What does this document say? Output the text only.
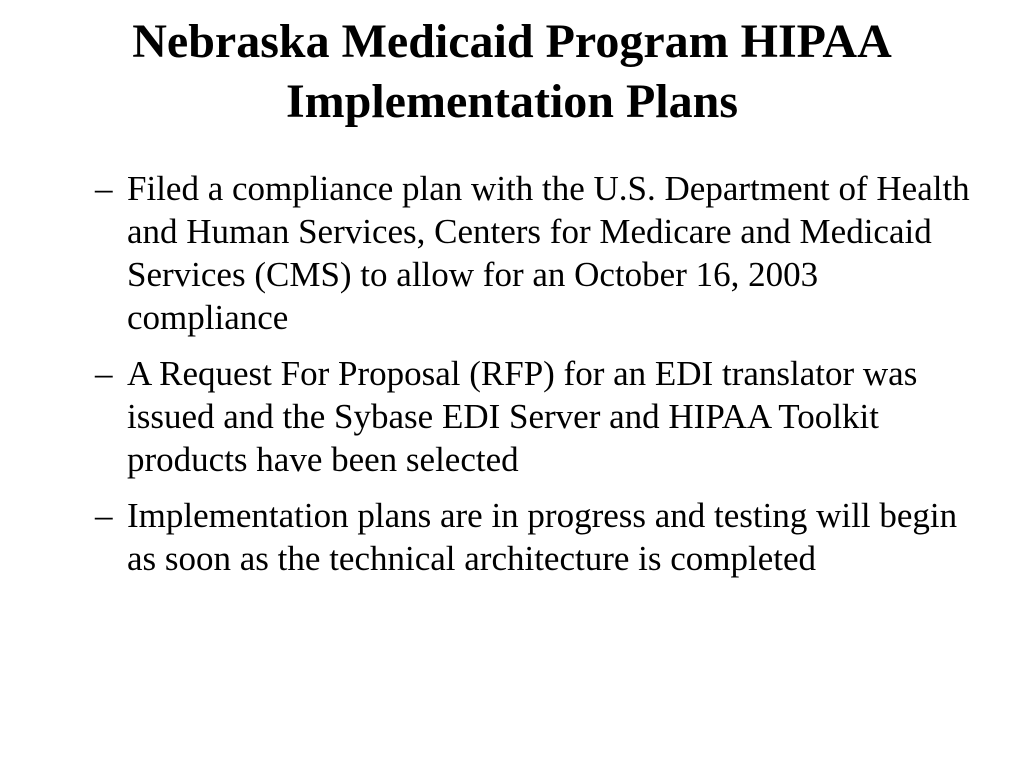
Nebraska Medicaid Program HIPAA Implementation Plans
– Filed a compliance plan with the U.S. Department of Health and Human Services, Centers for Medicare and Medicaid Services (CMS) to allow for an October 16, 2003 compliance
– A Request For Proposal (RFP) for an EDI translator was issued and the Sybase EDI Server and HIPAA Toolkit products have been selected
– Implementation plans are in progress and testing will begin as soon as the technical architecture is completed
